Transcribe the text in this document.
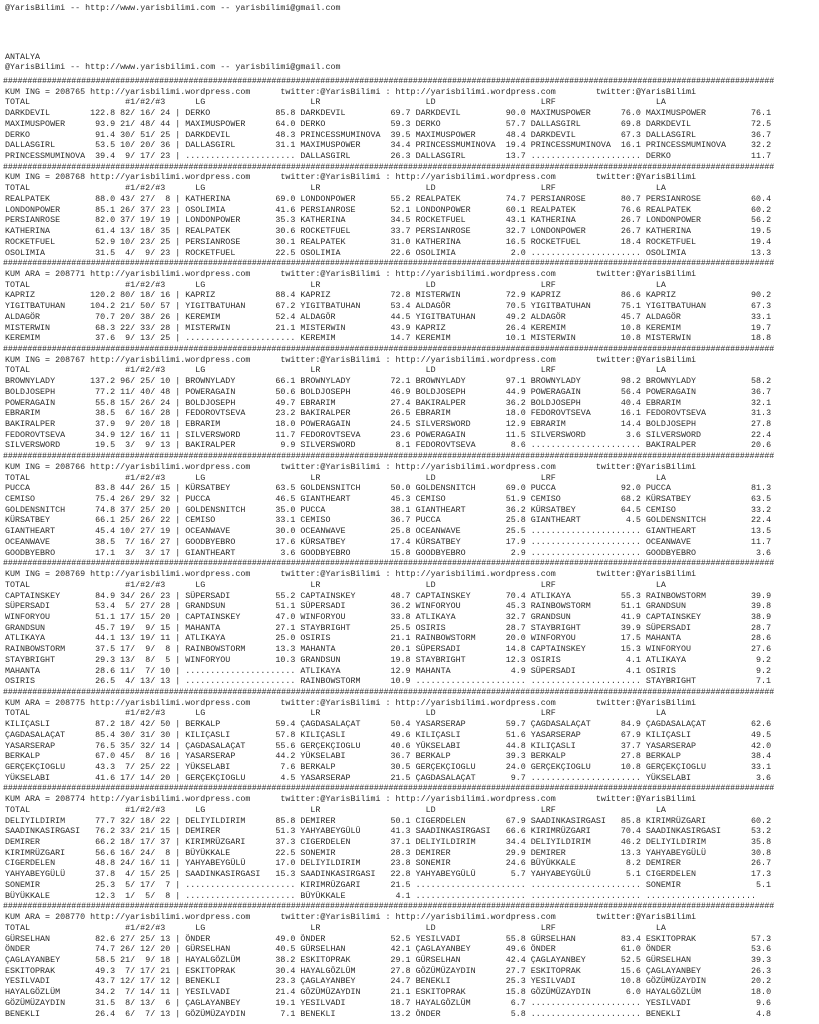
@YarisBilimi -- http://www.yarisbilimi.com -- yarisbilimi@gmail.com
ANTALYA
@YarisBilimi -- http://www.yarisbilimi.com -- yarisbilimi@gmail.com
##############################################################################################################################################################
KUM ING = 208765 http://yarisbilimi.wordpress.com	twitter:@YarisBilimi : http://yarisbilimi.wordpress.com	twitter:@YarisBilimi
TOTAL	#1/#2/#3	LG	LR	LD	LRF	LA
DARKDEVIL	122.8 82/ 16/ 24 | DERKO	85.8 DARKDEVIL	69.7 DARKDEVIL	90.0 MAXIMUSPOWER	76.0 MAXIMUSPOWER	76.1
MAXIMUSPOWER	93.9 21/ 48/ 44 | MAXIMUSPOWER	64.0 DERKO	59.3 DERKO	57.7 DALLASGIRL	69.8 DARKDEVIL	72.5
DERKO	91.4 30/ 51/ 25 | DARKDEVIL	48.3 PRINCESSMUMINOVA 39.5 MAXIMUSPOWER	48.4 DARKDEVIL	67.3 DALLASGIRL	36.7
DALLASGIRL	53.5 10/ 20/ 36 | DALLASGIRL	31.1 MAXIMUSPOWER	34.4 PRINCESSMUMINOVA 19.4 PRINCESSMUMINOVA 16.1 PRINCESSMUMINOVA	32.2
PRINCESSMUMINOVA 39.4 9/ 17/ 23 | ...................... DALLASGIRL	26.3 DALLASGIRL	13.7 ...................... DERKO	11.7
##############################################################################################################################################################
KUM ING = 208768 http://yarisbilimi.wordpress.com	twitter:@YarisBilimi : http://yarisbilimi.wordpress.com	twitter:@YarisBilimi
TOTAL	#1/#2/#3	LG	LR	LD	LRF	LA
REALPATEK	88.0 43/ 27/  8 | KATHERINA	69.0 LONDONPOWER	55.2 REALPATEK	74.7 PERSIANROSE	80.7 PERSIANROSE	60.4
LONDONPOWER	85.1 26/ 37/ 23 | OSOLIMIA	41.6 PERSIANROSE	52.1 LONDONPOWER	60.1 REALPATEK	76.6 REALPATEK	60.2
PERSIANROSE	82.0 37/ 19/ 19 | LONDONPOWER	35.3 KATHERINA	34.5 ROCKETFUEL	43.1 KATHERINA	26.7 LONDONPOWER	56.2
KATHERINA	61.4 13/ 18/ 35 | REALPATEK	30.6 ROCKETFUEL	33.7 PERSIANROSE	32.7 LONDONPOWER	26.7 KATHERINA	19.5
ROCKETFUEL	52.9 10/ 23/ 25 | PERSIANROSE	30.1 REALPATEK	31.0 KATHERINA	16.5 ROCKETFUEL	18.4 ROCKETFUEL	19.4
OSOLIMIA	31.5 4/  9/ 23 | ROCKETFUEL	22.5 OSOLIMIA	22.6 OSOLIMIA	2.0 ...................... OSOLIMIA	13.3
##############################################################################################################################################################
KUM ARA = 208771 http://yarisbilimi.wordpress.com	twitter:@YarisBilimi : http://yarisbilimi.wordpress.com	twitter:@YarisBilimi
TOTAL	#1/#2/#3	LG	LR	LD	LRF	LA
KAPRIZ	120.2 80/ 18/ 16 | KAPRIZ	88.4 KAPRIZ	72.8 MISTERWIN	72.9 KAPRIZ	86.6 KAPRIZ	90.2
YIGITBATUHAN	104.2 21/ 50/ 57 | YIGITBATUHAN	67.2 YIGITBATUHAN	53.4 ALDAGÖR	70.5 YIGITBATUHAN	75.1 YIGITBATUHAN	67.3
ALDAGÖR	70.7 20/ 38/ 26 | KEREMIM	52.4 ALDAGÖR	44.5 YIGITBATUHAN	49.2 ALDAGÖR	45.7 ALDAGÖR	33.1
MISTERWIN	68.3 22/ 33/ 28 | MISTERWIN	21.1 MISTERWIN	43.9 KAPRIZ	26.4 KEREMIM	10.8 KEREMIM	19.7
KEREMIM	37.6 9/ 13/ 25 | ...................... KEREMIM	14.7 KEREMIM	10.1 MISTERWIN	10.8 MISTERWIN	18.8
##############################################################################################################################################################
KUM ING = 208767 http://yarisbilimi.wordpress.com	twitter:@YarisBilimi : http://yarisbilimi.wordpress.com	twitter:@YarisBilimi
TOTAL	#1/#2/#3	LG	LR	LD	LRF	LA
BROWNYLADY	137.2 96/ 25/ 10 | BROWNYLADY	66.1 BROWNYLADY	72.1 BROWNYLADY	97.1 BROWNYLADY	98.2 BROWNYLADY	58.2
BOLDJOSEPH	77.2 11/ 40/ 48 | POWERAGAIN	50.6 BOLDJOSEPH	46.9 BOLDJOSEPH	44.9 POWERAGAIN	56.4 POWERAGAIN	36.7
POWERAGAIN	55.8 15/ 26/ 24 | BOLDJOSEPH	49.7 EBRARIM	27.4 BAKIRALPER	36.2 BOLDJOSEPH	40.4 EBRARIM	32.1
EBRARIM	38.5 6/ 16/ 28 | FEDOROVTSEVA	23.2 BAKIRALPER	26.5 EBRARIM	18.0 FEDOROVTSEVA	16.1 FEDOROVTSEVA	31.3
BAKIRALPER	37.9 9/ 20/ 18 | EBRARIM	18.0 POWERAGAIN	24.5 SILVERSWORD	12.9 EBRARIM	14.4 BOLDJOSEPH	27.8
FEDOROVTSEVA	34.9 12/ 16/ 11 | SILVERSWORD	11.7 FEDOROVTSEVA	23.6 POWERAGAIN	11.5 SILVERSWORD	3.6 SILVERSWORD	22.4
SILVERSWORD	19.5 3/  9/ 13 | BAKIRALPER	9.9 SILVERSWORD	8.1 FEDOROVTSEVA	8.6 ...................... BAKIRALPER	20.6
##############################################################################################################################################################
KUM ING = 208766 http://yarisbilimi.wordpress.com	twitter:@YarisBilimi : http://yarisbilimi.wordpress.com	twitter:@YarisBilimi
TOTAL	#1/#2/#3	LG	LR	LD	LRF	LA
PUCCA	83.8 44/ 26/ 15 | KÜRSATBEY	63.5 GOLDENSNITCH	50.0 GOLDENSNITCH	69.0 PUCCA	92.0 PUCCA	81.3
CEMISO	75.4 26/ 29/ 32 | PUCCA	46.5 GIANTHEART	45.3 CEMISO	51.9 CEMISO	68.2 KÜRSATBEY	63.5
GOLDENSNITCH	74.8 37/ 25/ 20 | GOLDENSNITCH	35.0 PUCCA	38.1 GIANTHEART	36.2 KÜRSATBEY	64.5 CEMISO	33.2
KÜRSATBEY	66.1 25/ 26/ 22 | CEMISO	33.1 CEMISO	36.7 PUCCA	25.8 GIANTHEART	4.5 GOLDENSNITCH	22.4
GIANTHEART	45.4 10/ 27/ 19 | OCEANWAVE	30.0 OCEANWAVE	25.8 OCEANWAVE	25.5 ...................... GIANTHEART	13.5
OCEANWAVE	38.5 7/ 16/ 27 | GOODBYEBRO	17.6 KÜRSATBEY	17.4 KÜRSATBEY	17.9 ...................... OCEANWAVE	11.7
GOODBYEBRO	17.1 3/  3/ 17 | GIANTHEART	3.6 GOODBYEBRO	15.8 GOODBYEBRO	2.9 ...................... GOODBYEBRO	3.6
##############################################################################################################################################################
KUM ING = 208769 http://yarisbilimi.wordpress.com	twitter:@YarisBilimi : http://yarisbilimi.wordpress.com	twitter:@YarisBilimi
TOTAL	#1/#2/#3	LG	LR	LD	LRF	LA
CAPTAINSKEY	84.9 34/ 26/ 23 | SÜPERSADI	55.2 CAPTAINSKEY	48.7 CAPTAINSKEY	70.4 ATLIKAYA	55.3 RAINBOWSTORM	39.9
SÜPERSADI	53.4 5/ 27/ 28 | GRANDSUN	51.1 SÜPERSADI	36.2 WINFORYOU	45.3 RAINBOWSTORM	51.1 GRANDSUN	39.8
WINFORYOU	51.1 17/ 15/ 20 | CAPTAINSKEY	47.0 WINFORYOU	33.8 ATLIKAYA	32.7 GRANDSUN	41.9 CAPTAINSKEY	38.9
GRANDSUN	45.7 19/  9/ 15 | MAHANTA	27.1 STAYBRIGHT	25.5 OSIRIS	28.7 STAYBRIGHT	39.9 SÜPERSADI	28.7
ATLIKAYA	44.1 13/ 19/ 11 | ATLIKAYA	25.0 OSIRIS	21.1 RAINBOWSTORM	20.0 WINFORYOU	17.5 MAHANTA	28.6
RAINBOWSTORM	37.5 17/  9/  8 | RAINBOWSTORM	13.3 MAHANTA	20.1 SÜPERSADI	14.8 CAPTAINSKEY	15.3 WINFORYOU	27.6
STAYBRIGHT	29.3 13/  8/  5 | WINFORYOU	10.3 GRANDSUN	19.8 STAYBRIGHT	12.3 OSIRIS	4.1 ATLIKAYA	9.2
MAHANTA	28.6 11/  7/ 10 | ...................... ATLIKAYA	12.9 MAHANTA	4.9 SÜPERSADI	4.1 OSIRIS	9.2
OSIRIS	26.5 4/ 13/ 13 | ...................... RAINBOWSTORM	10.9 ...................... ...................... STAYBRIGHT	7.1
##############################################################################################################################################################
KUM ARA = 208775 http://yarisbilimi.wordpress.com	twitter:@YarisBilimi : http://yarisbilimi.wordpress.com	twitter:@YarisBilimi
TOTAL	#1/#2/#3	LG	LR	LD	LRF	LA
KILIÇASLI	87.2 18/ 42/ 50 | BERKALP	59.4 ÇAGDASALAÇAT	50.4 YASARSERAP	59.7 ÇAGDASALAÇAT	84.9 ÇAGDASALAÇAT	62.6
ÇAGDASALAÇAT	85.4 30/ 31/ 30 | KILIÇASLI	57.8 KILIÇASLI	49.6 KILIÇASLI	51.6 YASARSERAP	67.9 KILIÇASLI	49.5
YASARSERAP	76.5 35/ 32/ 14 | ÇAGDASALAÇAT	55.6 GERÇEKÇIOGLU	40.6 YÜKSELABI	44.8 KILIÇASLI	37.7 YASARSERAP	42.0
BERKALP	67.0 45/  8/ 16 | YASARSERAP	44.2 YÜKSELABI	36.7 BERKALP	39.3 BERKALP	27.8 BERKALP	38.4
GERÇEKÇIOGLU	43.3 7/ 25/ 22 | YÜKSELABI	7.6 BERKALP	30.5 GERÇEKÇIOGLU	24.0 GERÇEKÇIOGLU	10.8 GERÇEKÇIOGLU	33.1
YÜKSELABI	41.6 17/ 14/ 20 | GERÇEKÇIOGLU	4.5 YASARSERAP	21.5 ÇAGDASALAÇAT	9.7 ...................... YÜKSELABI	3.6
##############################################################################################################################################################
KUM ARA = 208774 http://yarisbilimi.wordpress.com	twitter:@YarisBilimi : http://yarisbilimi.wordpress.com	twitter:@YarisBilimi
TOTAL	#1/#2/#3	LG	LR	LD	LRF	LA
DELIYILDIRIM	77.7 32/ 18/ 22 | DELIYILDIRIM	85.8 DEMIRER	50.1 CIGERDELEN	67.9 SAADINKASIRGASI 85.8 KIRIMRÜZGARI	60.2
SAADINKASIRGASI 76.2 33/ 21/ 15 | DEMIRER	51.3 YAHYABEYGÜLÜ	41.3 SAADINKASIRGASI 66.6 KIRIMRÜZGARI	70.4 SAADINKASIRGASI	53.2
DEMIRER	66.2 18/ 17/ 37 | KIRIMRÜZGARI	37.3 CIGERDELEN	37.1 DELIYILDIRIM	34.4 DELIYILDIRIM	46.2 DELIYILDIRIM	35.8
KIRIMRÜZGARI	56.6 16/ 24/  8 | BÜYÜKKALE	22.5 SONEMIR	28.3 DEMIRER	29.9 DEMIRER	13.3 YAHYABEYGÜLÜ	30.8
CIGERDELEN	48.8 24/ 16/ 11 | YAHYABEYGÜLÜ	17.0 DELIYILDIRIM	23.8 SONEMIR	24.6 BÜYÜKKALE	8.2 DEMIRER	26.7
YAHYABEYGÜLÜ	37.8 4/ 15/ 25 | SAADINKASIRGASI 15.3 SAADINKASIRGASI 22.8 YAHYABEYGÜLÜ	5.7 YAHYABEYGÜLÜ	5.1 CIGERDELEN	17.3
SONEMIR	25.3 5/ 17/  7 | ...................... KIRIMRÜZGARI	21.5 ...................... ...................... SONEMIR	5.1
BÜYÜKKALE	12.3 1/  5/  8 | ...................... BÜYÜKKALE	4.1 ...................... ...................... ......................
##############################################################################################################################################################
KUM ARA = 208770 http://yarisbilimi.wordpress.com	twitter:@YarisBilimi : http://yarisbilimi.wordpress.com	twitter:@YarisBilimi
TOTAL	#1/#2/#3	LG	LR	LD	LRF	LA
GÜRSELHAN	82.6 27/ 25/ 13 | ÖNDER	49.0 ÖNDER	52.5 YESILVADI	55.8 GÜRSELHAN	83.4 ESKITOPRAK	57.3
ÖNDER	74.7 26/ 12/ 20 | GÜRSELHAN	40.5 GÜRSELHAN	42.1 ÇAGLAYANBEY	49.6 ÖNDER	61.0 ÖNDER	53.6
ÇAGLAYANBEY	58.5 21/  9/ 18 | HAYALGÖZLÜM	38.2 ESKITOPRAK	29.1 GÜRSELHAN	42.4 ÇAGLAYANBEY	52.5 GÜRSELHAN	39.3
ESKITOPRAK	49.3 7/ 17/ 21 | ESKITOPRAK	30.4 HAYALGÖZLÜM	27.8 GÖZÜMÜZAYDIN	27.7 ESKITOPRAK	15.6 ÇAGLAYANBEY	26.3
YESILVADI	43.7 12/ 17/ 12 | BENEKLI	23.3 ÇAGLAYANBEY	24.7 BENEKLI	25.3 YESILVADI	10.8 GÖZÜMÜZAYDIN	20.2
HAYALGÖZLÜM	34.2 7/ 14/ 11 | YESILVADI	21.4 GÖZÜMÜZAYDIN	21.1 ESKITOPRAK	15.8 GÖZÜMÜZAYDIN	6.0 HAYALGÖZLÜM	18.0
GÖZÜMÜZAYDIN	31.5 8/ 13/  6 | ÇAGLAYANBEY	19.1 YESILVADI	18.7 HAYALGÖZLÜM	6.7 ...................... YESILVADI	9.6
BENEKLI	26.4 6/  7/ 13 | GÖZÜMÜZAYDIN	7.1 BENEKLI	13.2 ÖNDER	5.8 ...................... BENEKLI	4.8
